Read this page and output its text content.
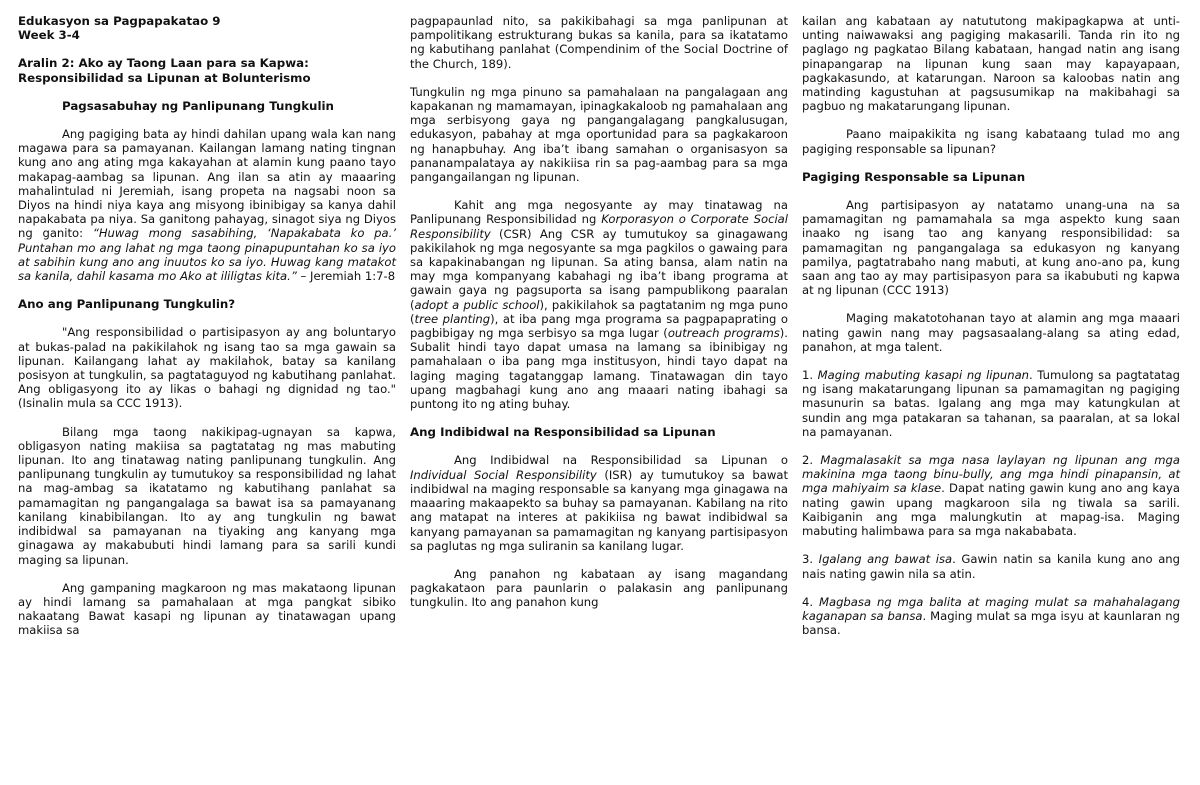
Edukasyon sa Pagpapakatao 9

Week 3-4

Aralin 2: Ako ay Taong Laan para sa Kapwa:

Responsibilidad sa Lipunan at Bolunterismo

Pagsasabuhay ng Panlipunang Tungkulin

Ang pagiging bata ay hindi dahilan upang wala kan nang magawa para sa pamayanan. Kailangan lamang nating tingnan kung ano ang ating mga kakayahan at alamin kung paano tayo makapag-aambag sa lipunan. Ang ilan sa atin ay maaaring mahalintulad ni Jeremiah, isang propeta na nagsabi noon sa Diyos na hindi niya kaya ang misyong ibinibigay sa kanya dahil napakabata pa niya. Sa ganitong pahayag, sinagot siya ng Diyos ng ganito: “Huwag mong sasabihing, ‘Napakabata ko pa.’ Puntahan mo ang lahat ng mga taong pinapupuntahan ko sa iyo at sabihin kung ano ang inuutos ko sa iyo. Huwag kang matakot sa kanila, dahil kasama mo Ako at ililigtas kita.” – Jeremiah 1:7-8

Ano ang Panlipunang Tungkulin?

"Ang responsibilidad o partisipasyon ay ang boluntaryo at bukas-palad na pakikilahok ng isang tao sa mga gawain sa lipunan. Kailangang lahat ay makilahok, batay sa kanilang posisyon at tungkulin, sa pagtataguyod ng kabutihang panlahat. Ang obligasyong ito ay likas o bahagi ng dignidad ng tao." (Isinalin mula sa CCC 1913).

Bilang mga taong nakikipag-ugnayan sa kapwa, obligasyon nating makiisa sa pagtatatag ng mas mabuting lipunan. Ito ang tinatawag nating panlipunang tungkulin. Ang panlipunang tungkulin ay tumutukoy sa responsibilidad ng lahat na mag-ambag sa ikatatamo ng kabutihang panlahat sa pamamagitan ng pangangalaga sa bawat isa sa pamayanang kanilang kinabibilangan. Ito ay ang tungkulin ng bawat indibidwal sa pamayanan na tiyaking ang kanyang mga ginagawa ay makabubuti hindi lamang para sa sarili kundi maging sa lipunan.

Ang gampaning magkaroon ng mas makataong lipunan ay hindi lamang sa pamahalaan at mga pangkat sibiko nakaatang Bawat kasapi ng lipunan ay tinatawagan upang makiisa sa

pagpapaunlad nito, sa pakikibahagi sa mga panlipunan at pampolitikang estrukturang bukas sa kanila, para sa ikatatamo ng kabutihang panlahat (Compendinim of the Social Doctrine of the Church, 189).

Tungkulin ng mga pinuno sa pamahalaan na pangalagaan ang kapakanan ng mamamayan, ipinagkakaloob ng pamahalaan ang mga serbisyong gaya ng pangangalagang pangkalusugan, edukasyon, pabahay at mga oportunidad para sa pagkakaroon ng hanapbuhay. Ang iba’t ibang samahan o organisasyon sa pananampalataya ay nakikiisa rin sa pag-aambag para sa mga pangangailangan ng lipunan.

Kahit ang mga negosyante ay may tinatawag na Panlipunang Responsibilidad ng Korporasyon o Corporate Social Responsibility (CSR) Ang CSR ay tumutukoy sa ginagawang pakikilahok ng mga negosyante sa mga pagkilos o gawaing para sa kapakinabangan ng lipunan. Sa ating bansa, alam natin na may mga kompanyang kabahagi ng iba’t ibang programa at gawain gaya ng pagsuporta sa isang pampublikong paaralan (adopt a public school), pakikilahok sa pagtatanim ng mga puno (tree planting), at iba pang mga programa sa pagpapaprating o pagbibigay ng mga serbisyo sa mga lugar (outreach programs). Subalit hindi tayo dapat umasa na lamang sa ibinibigay ng pamahalaan o iba pang mga institusyon, hindi tayo dapat na laging maging tagatanggap lamang. Tinatawagan din tayo upang magbahagi kung ano ang maaari nating ibahagi sa puntong ito ng ating buhay.

Ang Indibidwal na Responsibilidad sa Lipunan

Ang Indibidwal na Responsibilidad sa Lipunan o Individual Social Responsibility (ISR) ay tumutukoy sa bawat indibidwal na maging responsable sa kanyang mga ginagawa na maaaring makaapekto sa buhay sa pamayanan. Kabilang na rito ang matapat na interes at pakikiisa ng bawat indibidwal sa kanyang pamayanan sa pamamagitan ng kanyang partisipasyon sa paglutas ng mga suliranin sa kanilang lugar.

Ang panahon ng kabataan ay isang magandang pagkakataon para paunlarin o palakasin ang panlipunang tungkulin. Ito ang panahon kung

kailan ang kabataan ay natututong makipagkapwa at unti-unting naiwawaksi ang pagiging makasarili. Tanda rin ito ng paglago ng pagkatao Bilang kabataan, hangad natin ang isang pinapangarap na lipunan kung saan may kapayapaan, pagkakasundo, at katarungan. Naroon sa kaloobas natin ang matinding kagustuhan at pagsusumikap na makibahagi sa pagbuo ng makatarungang lipunan.

Paano maipakikita ng isang kabataang tulad mo ang pagiging responsable sa lipunan?

Pagiging Responsable sa Lipunan

Ang partisipasyon ay natatamo unang-una na sa pamamagitan ng pamamahala sa mga aspekto kung saan inaako ng isang tao ang kanyang responsibilidad: sa pamamagitan ng pangangalaga sa edukasyon ng kanyang pamilya, pagtatrabaho nang mabuti, at kung ano-ano pa, kung saan ang tao ay may partisipasyon para sa ikabubuti ng kapwa at ng lipunan (CCC 1913)

Maging makatotohanan tayo at alamin ang mga maaari nating gawin nang may pagsasaalang-alang sa ating edad, panahon, at mga talent.

1. Maging mabuting kasapi ng lipunan. Tumulong sa pagtatatag ng isang makatarungang lipunan sa pamamagitan ng pagiging masunurin sa batas. Igalang ang mga may katungkulan at sundin ang mga patakaran sa tahanan, sa paaralan, at sa lokal na pamayanan.

2. Magmalasakit sa mga nasa laylayan ng lipunan ang mga makinina mga taong binu-bully, ang mga hindi pinapansin, at mga mahiyaim sa klase. Dapat nating gawin kung ano ang kaya nating gawin upang magkaroon sila ng tiwala sa sarili. Kaibiganin ang mga malungkutin at mapag-isa. Maging mabuting halimbawa para sa mga nakababata.

3. Igalang ang bawat isa. Gawin natin sa kanila kung ano ang nais nating gawin nila sa atin.

4. Magbasa ng mga balita at maging mulat sa mahahalagang kaganapan sa bansa. Maging mulat sa mga isyu at kaunlaran ng bansa.
